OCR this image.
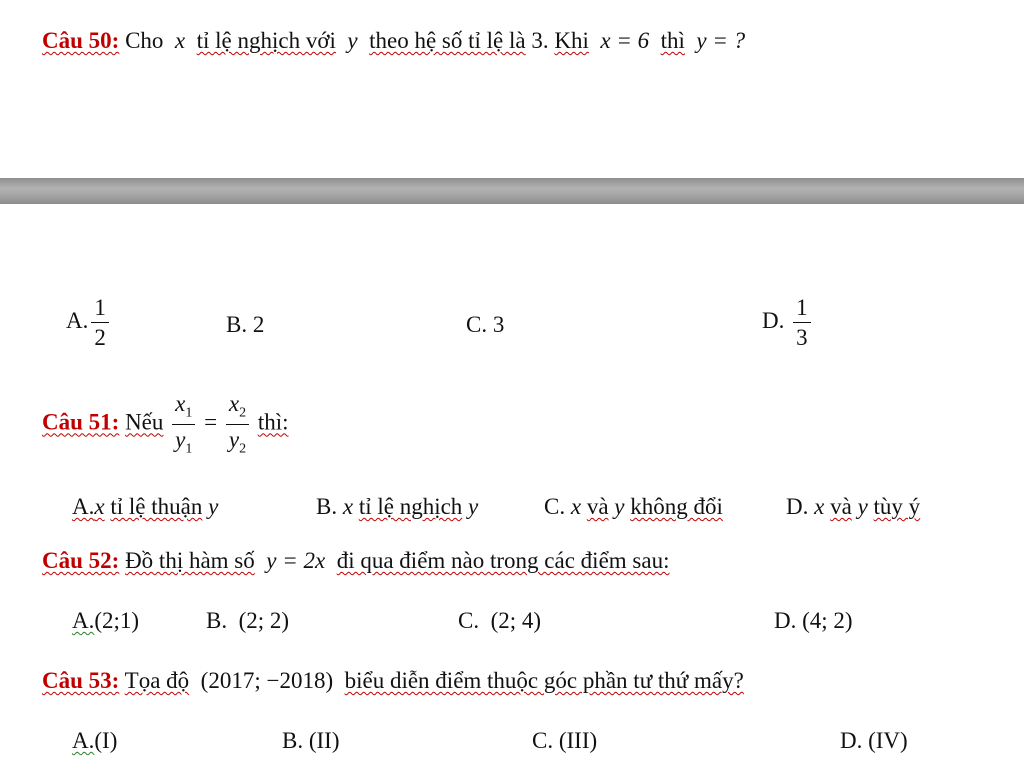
Câu 50: Cho x tỉ lệ nghịch với y theo hệ số tỉ lệ là 3. Khi x = 6 thì y = ?
A. $\frac{1}{2}$	B. 2	C. 3	D. $\frac{1}{3}$
Câu 51: Nếu $\frac{x_1}{y_1} = \frac{x_2}{y_2}$ thì:
A.x tỉ lệ thuận y	B. x tỉ lệ nghịch y	C. x và y không đổi	D. x và y tùy ý
Câu 52: Đồ thị hàm số y = 2x đi qua điểm nào trong các điểm sau:
A.(2;1)	B. (2; 2)	C. (2; 4)	D. (4; 2)
Câu 53: Tọa độ (2017; −2018) biểu diễn điểm thuộc góc phần tư thứ mấy?
A.(I)	B. (II)	C. (III)	D. (IV)
